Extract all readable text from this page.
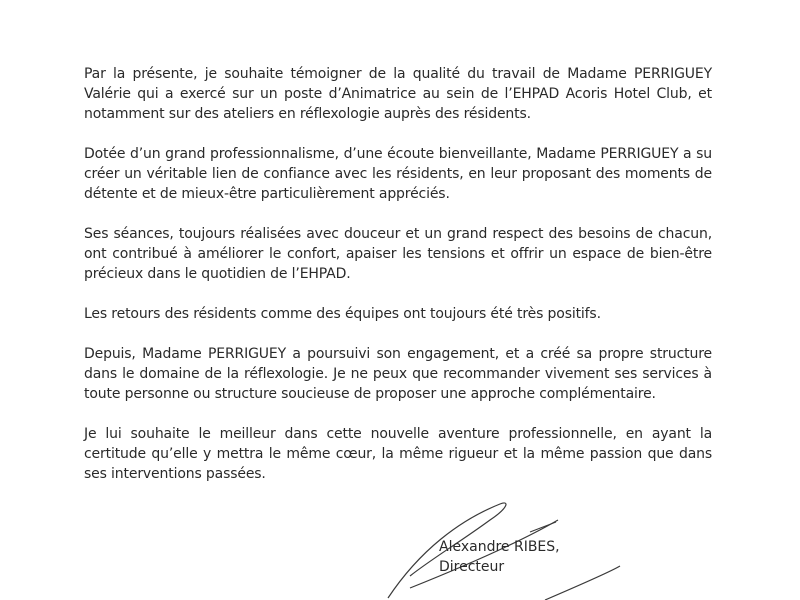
Par la présente, je souhaite témoigner de la qualité du travail de Madame PERRIGUEY Valérie qui a exercé sur un poste d’Animatrice au sein de l’EHPAD Acoris Hotel Club, et notamment sur des ateliers en réflexologie auprès des résidents.

Dotée d’un grand professionnalisme, d’une écoute bienveillante, Madame PERRIGUEY a su créer un véritable lien de confiance avec les résidents, en leur proposant des moments de détente et de mieux-être particulièrement appréciés.

Ses séances, toujours réalisées avec douceur et un grand respect des besoins de chacun, ont contribué à améliorer le confort, apaiser les tensions et offrir un espace de bien-être précieux dans le quotidien de l’EHPAD.

Les retours des résidents comme des équipes ont toujours été très positifs.

Depuis, Madame PERRIGUEY a poursuivi son engagement, et a créé sa propre structure dans le domaine de la réflexologie. Je ne peux que recommander vivement ses services à toute personne ou structure soucieuse de proposer une approche complémentaire.

Je lui souhaite le meilleur dans cette nouvelle aventure professionnelle, en ayant la certitude qu’elle y mettra le même cœur, la même rigueur et la même passion que dans ses interventions passées.

Alexandre RIBES,
Directeur
